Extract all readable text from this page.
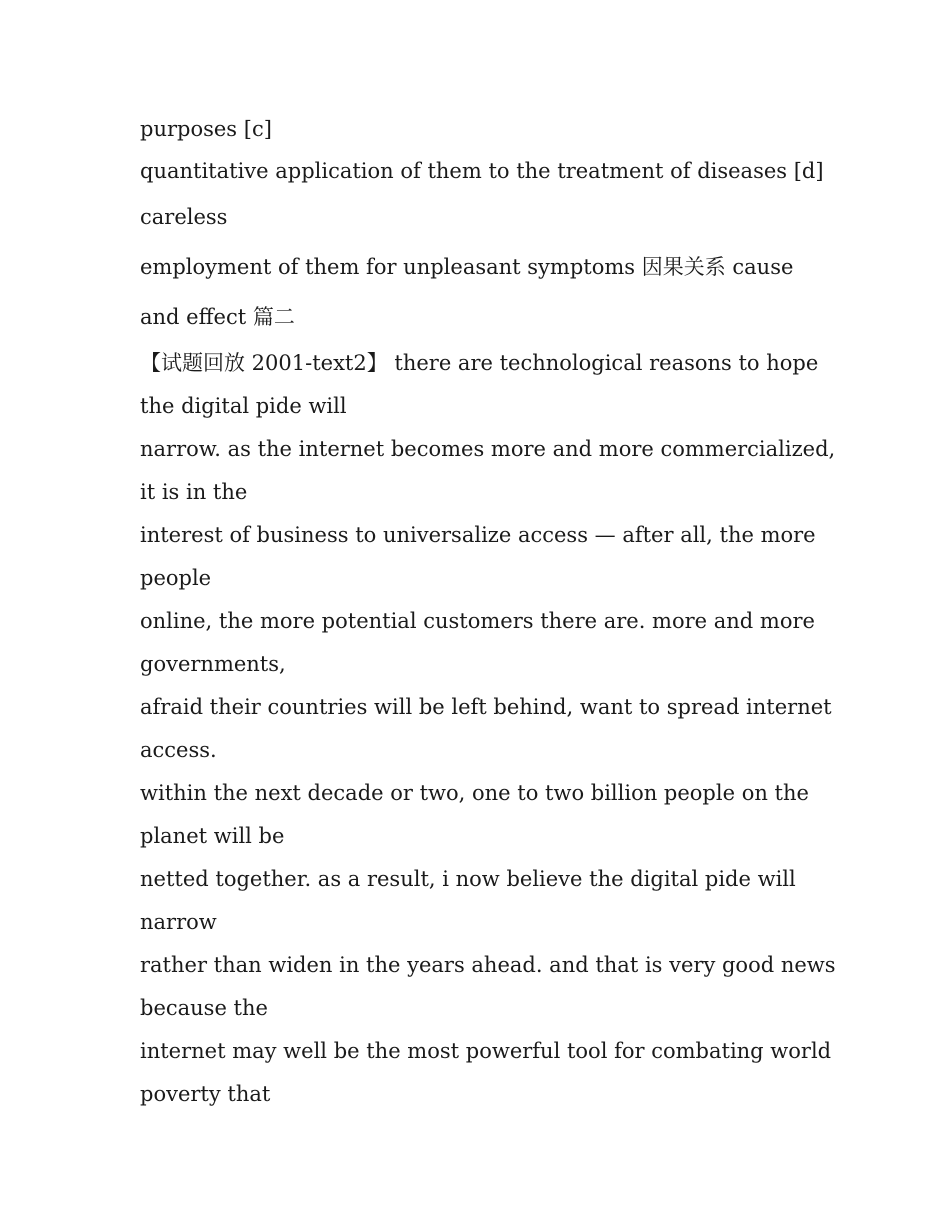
purposes [c]
quantitative application of them to the treatment of diseases [d]
careless
employment of them for unpleasant symptoms 因果关系 cause
and effect 篇二
【试题回放 2001-text2】 there are technological reasons to hope
the digital pide will
narrow. as the internet becomes more and more commercialized,
it is in the
interest of business to universalize access — after all, the more
people
online, the more potential customers there are. more and more
governments,
afraid their countries will be left behind, want to spread internet
access.
within the next decade or two, one to two billion people on the
planet will be
netted together. as a result, i now believe the digital pide will
narrow
rather than widen in the years ahead. and that is very good news
because the
internet may well be the most powerful tool for combating world
poverty that
